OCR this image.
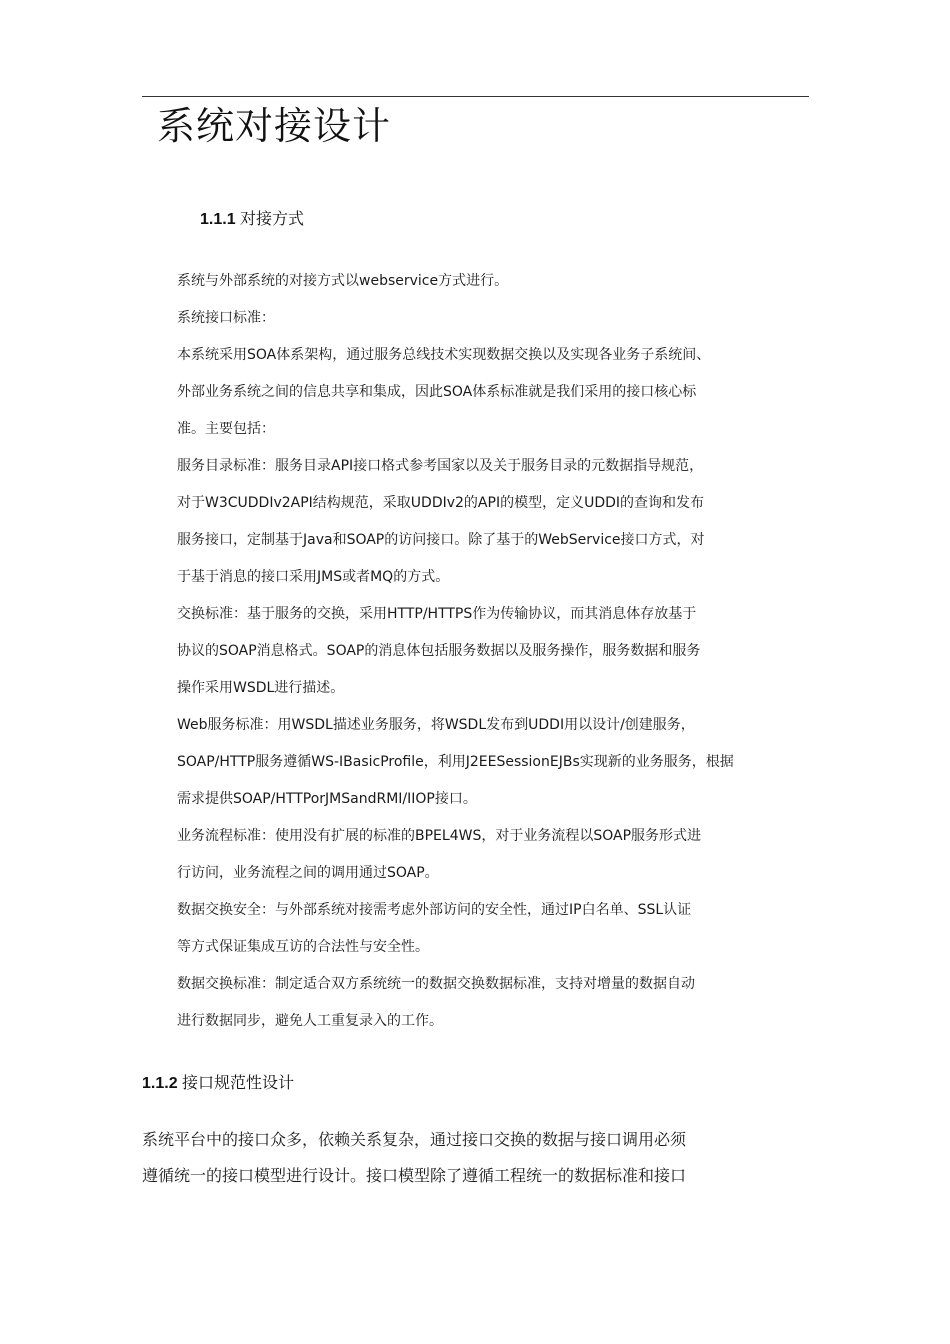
系统对接设计
1.1.1 对接方式

系统与外部系统的对接方式以webservice方式进行。

系统接口标准：

本系统采用SOA体系架构，通过服务总线技术实现数据交换以及实现各业务子系统间、

外部业务系统之间的信息共享和集成，因此SOA体系标准就是我们采用的接口核心标

准。主要包括：

服务目录标准：服务目录API接口格式参考国家以及关于服务目录的元数据指导规范，

对于W3CUDDIv2API结构规范，采取UDDIv2的API的模型，定义UDDI的查询和发布

服务接口，定制基于Java和SOAP的访问接口。除了基于的WebService接口方式，对

于基于消息的接口采用JMS或者MQ的方式。

交换标准：基于服务的交换，采用HTTP/HTTPS作为传输协议，而其消息体存放基于

协议的SOAP消息格式。SOAP的消息体包括服务数据以及服务操作，服务数据和服务

操作采用WSDL进行描述。

Web服务标准：用WSDL描述业务服务，将WSDL发布到UDDI用以设计/创建服务，

SOAP/HTTP服务遵循WS-IBasicProfile，利用J2EESessionEJBs实现新的业务服务，根据

需求提供SOAP/HTTPorJMSandRMI/IIOP接口。

业务流程标准：使用没有扩展的标准的BPEL4WS，对于业务流程以SOAP服务形式进

行访问，业务流程之间的调用通过SOAP。

数据交换安全：与外部系统对接需考虑外部访问的安全性，通过IP白名单、SSL认证

等方式保证集成互访的合法性与安全性。

数据交换标准：制定适合双方系统统一的数据交换数据标准，支持对增量的数据自动

进行数据同步，避免人工重复录入的工作。

1.1.2 接口规范性设计

系统平台中的接口众多，依赖关系复杂，通过接口交换的数据与接口调用必须

遵循统一的接口模型进行设计。接口模型除了遵循工程统一的数据标准和接口
